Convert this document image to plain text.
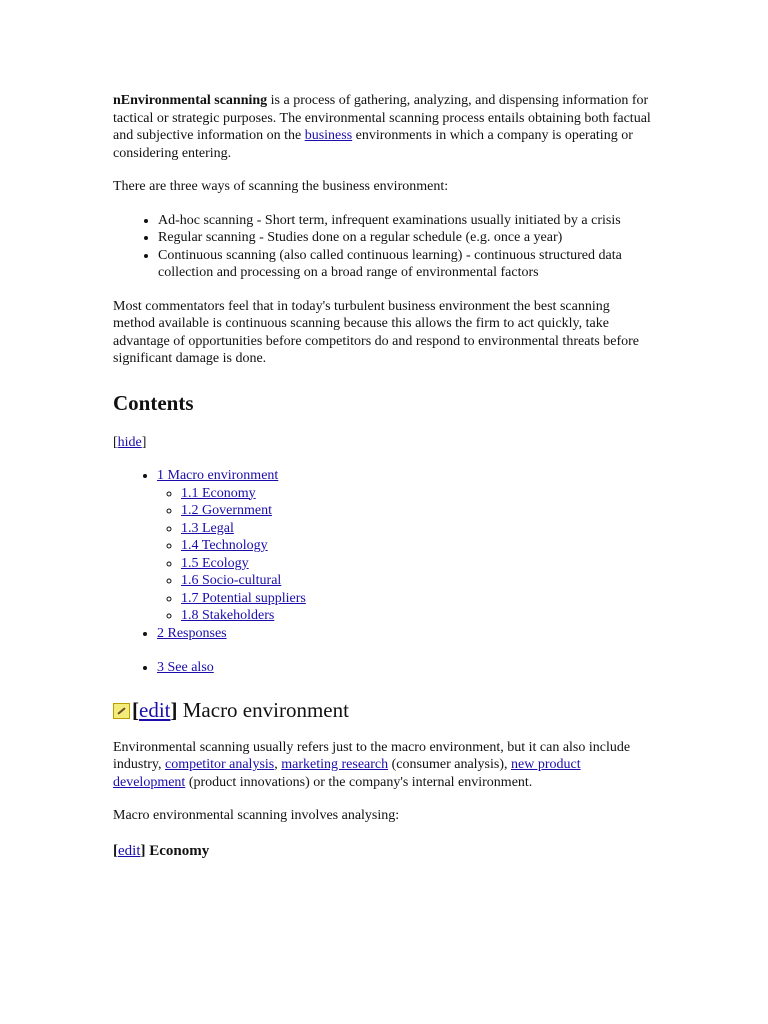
nEnvironmental scanning is a process of gathering, analyzing, and dispensing information for tactical or strategic purposes. The environmental scanning process entails obtaining both factual and subjective information on the business environments in which a company is operating or considering entering.

There are three ways of scanning the business environment:

• Ad-hoc scanning - Short term, infrequent examinations usually initiated by a crisis
• Regular scanning - Studies done on a regular schedule (e.g. once a year)
• Continuous scanning (also called continuous learning) - continuous structured data collection and processing on a broad range of environmental factors

Most commentators feel that in today's turbulent business environment the best scanning method available is continuous scanning because this allows the firm to act quickly, take advantage of opportunities before competitors do and respond to environmental threats before significant damage is done.

Contents
[hide]
• 1 Macro environment
◦ 1.1 Economy
◦ 1.2 Government
◦ 1.3 Legal
◦ 1.4 Technology
◦ 1.5 Ecology
◦ 1.6 Socio-cultural
◦ 1.7 Potential suppliers
◦ 1.8 Stakeholders
• 2 Responses
• 3 See also
[ edit ] Macro environment

Environmental scanning usually refers just to the macro environment, but it can also include industry, competitor analysis, marketing research (consumer analysis), new product development (product innovations) or the company's internal environment.

Macro environmental scanning involves analysing:

[edit] Economy
